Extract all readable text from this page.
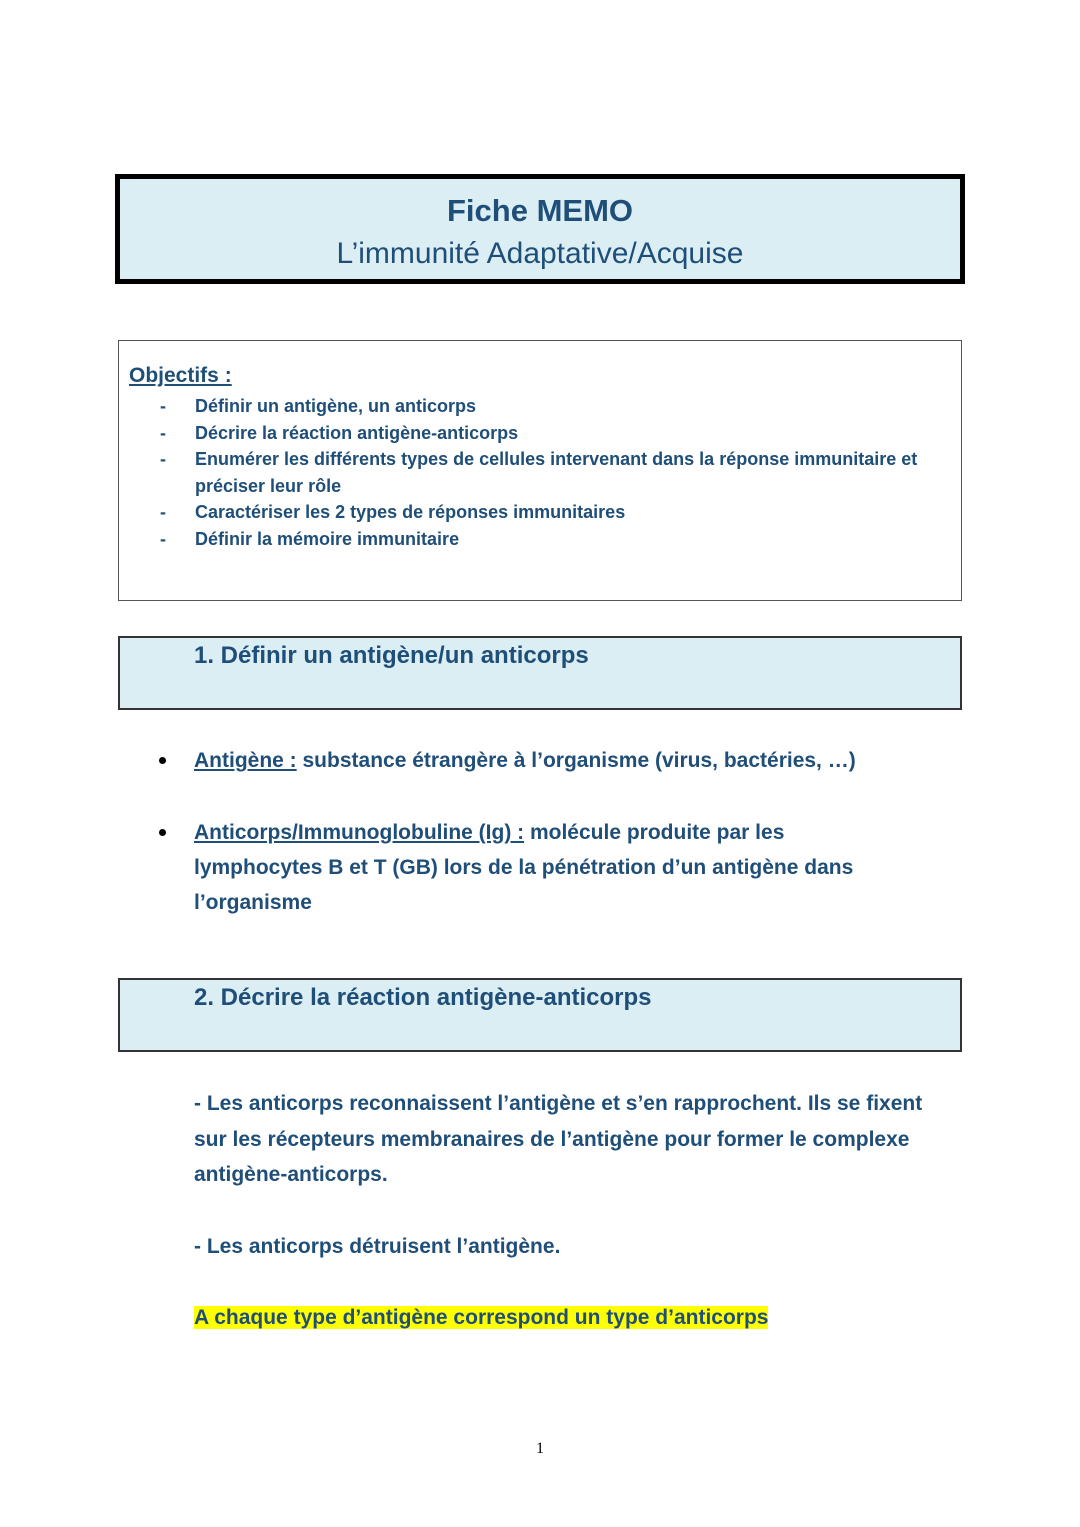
Fiche MEMO
L’immunité Adaptative/Acquise
Objectifs :
- Définir un antigène, un anticorps
- Décrire la réaction antigène-anticorps
- Enumérer les différents types de cellules intervenant dans la réponse immunitaire et préciser leur rôle
- Caractériser les 2 types de réponses immunitaires
- Définir la mémoire immunitaire
1. Définir un antigène/un anticorps
Antigène : substance étrangère à l’organisme (virus, bactéries, …)
Anticorps/Immunoglobuline (Ig) : molécule produite par les lymphocytes B et T (GB) lors de la pénétration d’un antigène dans l’organisme
2. Décrire la réaction antigène-anticorps
- Les anticorps reconnaissent l’antigène et s’en rapprochent. Ils se fixent sur les récepteurs membranaires de l’antigène pour former le complexe antigène-anticorps.
- Les anticorps détruisent l’antigène.
A chaque type d’antigène correspond un type d’anticorps
1
